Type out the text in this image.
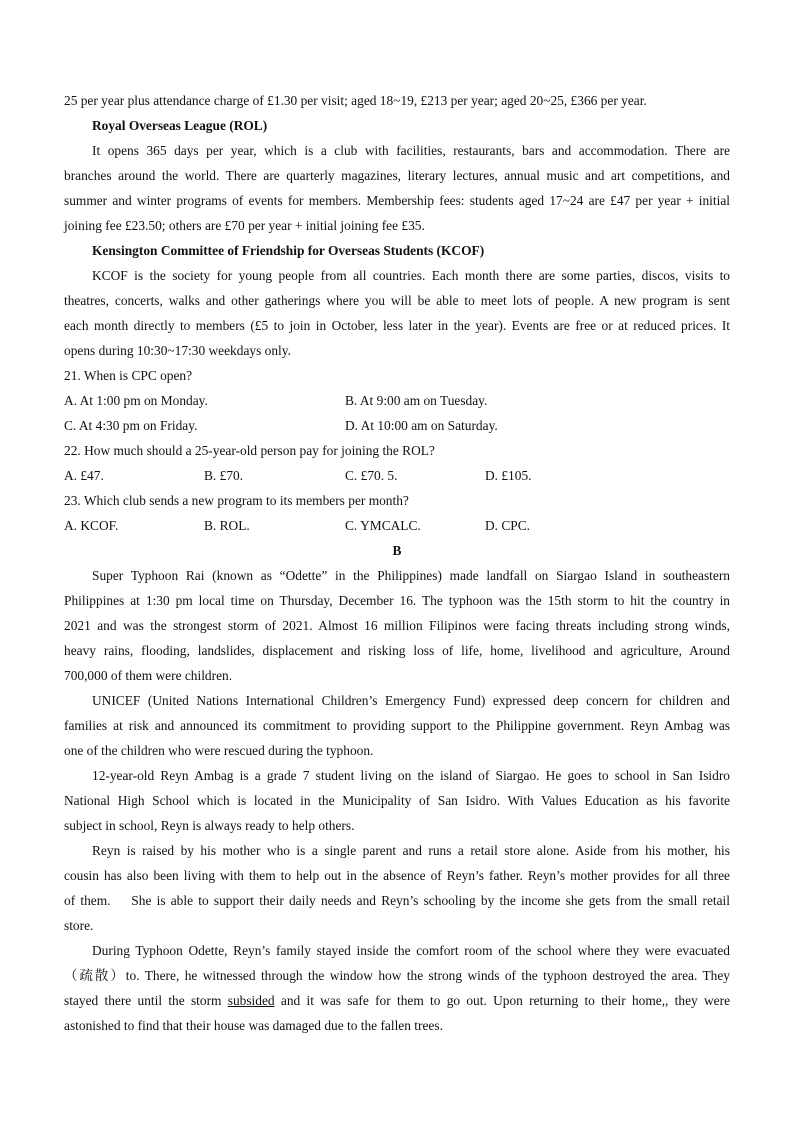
25 per year plus attendance charge of £1.30 per visit; aged 18~19, £213 per year; aged 20~25, £366 per year.
Royal Overseas League (ROL)
It opens 365 days per year, which is a club with facilities, restaurants, bars and accommodation. There are
branches around the world. There are quarterly magazines, literary lectures, annual music and art competitions, and
summer and winter programs of events for members. Membership fees: students aged 17~24 are £47 per year + initial
joining fee £23.50; others are £70 per year + initial joining fee £35.
Kensington Committee of Friendship for Overseas Students (KCOF)
KCOF is the society for young people from all countries. Each month there are some parties, discos, visits to
theatres, concerts, walks and other gatherings where you will be able to meet lots of people. A new program is sent
each month directly to members (£5 to join in October, less later in the year). Events are free or at reduced prices. It
opens during 10:30~17:30 weekdays only.
21. When is CPC open?
A. At 1:00 pm on Monday.	B. At 9:00 am on Tuesday.
C. At 4:30 pm on Friday.	D. At 10:00 am on Saturday.
22. How much should a 25-year-old person pay for joining the ROL?
A. £47.	B. £70.	C. £70. 5.	D. £105.
23. Which club sends a new program to its members per month?
A. KCOF.	B. ROL.	C. YMCALC.	D. CPC.
B
Super Typhoon Rai (known as “Odette” in the Philippines) made landfall on Siargao Island in southeastern
Philippines at 1:30 pm local time on Thursday, December 16. The typhoon was the 15th storm to hit the country in
2021 and was the strongest storm of 2021. Almost 16 million Filipinos were facing threats including strong winds,
heavy rains, flooding, landslides, displacement and risking loss of life, home, livelihood and agriculture, Around
700,000 of them were children.
UNICEF (United Nations International Children’s Emergency Fund) expressed deep concern for children and
families at risk and announced its commitment to providing support to the Philippine government. Reyn Ambag was
one of the children who were rescued during the typhoon.
12-year-old Reyn Ambag is a grade 7 student living on the island of Siargao. He goes to school in San Isidro
National High School which is located in the Municipality of San Isidro. With Values Education as his favorite
subject in school, Reyn is always ready to help others.
Reyn is raised by his mother who is a single parent and runs a retail store alone. Aside from his mother, his
cousin has also been living with them to help out in the absence of Reyn’s father. Reyn’s mother provides for all three
of them.    She is able to support their daily needs and Reyn’s schooling by the income she gets from the small retail
store.
During Typhoon Odette, Reyn’s family stayed inside the comfort room of the school where they were evacuated
（疏散）to. There, he witnessed through the window how the strong winds of the typhoon destroyed the area. They
stayed there until the storm subsided and it was safe for them to go out. Upon returning to their home,, they were
astonished to find that their house was damaged due to the fallen trees.
